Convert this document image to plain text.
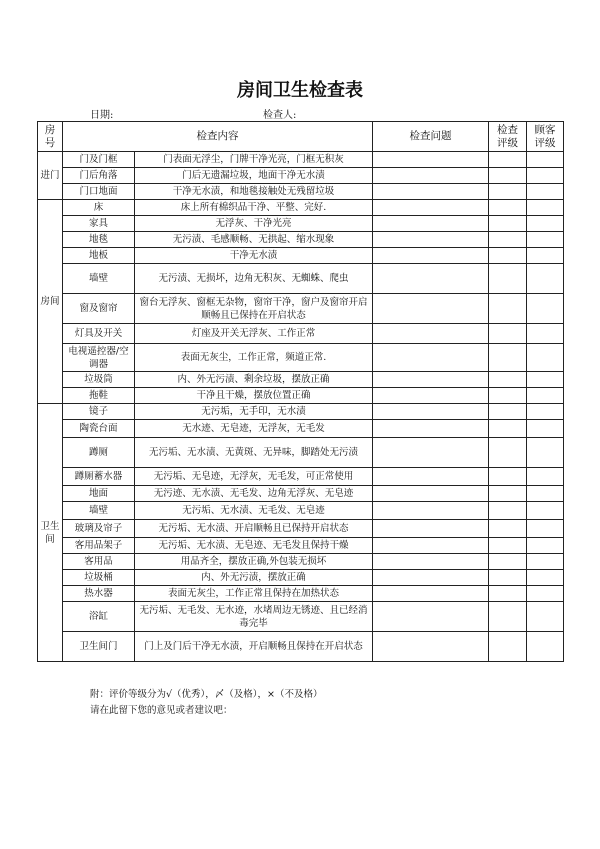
房间卫生检查表
日期:	检查人:
房号	检查内容		检查问题	检查评级	顾客评级
进门	门及门框	门表面无浮尘，门牌干净光亮，门框无积灰			
	门后角落	门后无遗漏垃圾，地面干净无水渍			
	门口地面	干净无水渍，和地毯接触处无残留垃圾			
房间	床	床上所有棉织品干净、平整、完好.			
	家具	无浮灰、干净光亮			
	地毯	无污渍、毛感顺畅、无拱起、缩水现象			
	地板	干净无水渍			
	墙壁	无污渍、无损坏，边角无积灰、无蜘蛛、爬虫			
	窗及窗帘	窗台无浮灰、窗框无杂物，窗帘干净，窗户及窗帘开启顺畅且已保持在开启状态			
	灯具及开关	灯座及开关无浮灰、工作正常			
	电视遥控器/空调器	表面无灰尘，工作正常，频道正常.			
	垃圾筒	内、外无污渍、剩余垃圾，摆放正确			
	拖鞋	干净且干燥，摆放位置正确			
卫生间	镜子	无污垢，无手印，无水渍			
	陶瓷台面	无水迹、无皂迹，无浮灰，无毛发			
	蹲厕	无污垢、无水渍、无黄斑、无异味，脚踏处无污渍			
	蹲厕蓄水器	无污垢、无皂迹，无浮灰，无毛发，可正常使用			
	地面	无污迹、无水渍、无毛发、边角无浮灰、无皂迹			
	墙壁	无污垢、无水渍、无毛发、无皂迹			
	玻璃及帘子	无污垢、无水渍、开启顺畅且已保持开启状态			
	客用品架子	无污垢、无水渍、无皂迹、无毛发且保持干燥			
	客用品	用品齐全，摆放正确,外包装无损坏			
	垃圾桶	内、外无污渍，摆放正确			
	热水器	表面无灰尘，工作正常且保持在加热状态			
	浴缸	无污垢、无毛发、无水迹，水堵周边无锈迹、且已经消毒完毕			
	卫生间门	门上及门后干净无水渍，开启顺畅且保持在开启状态			
附：评价等级分为√（优秀），〆（及格），×（不及格）
请在此留下您的意见或者建议吧：
